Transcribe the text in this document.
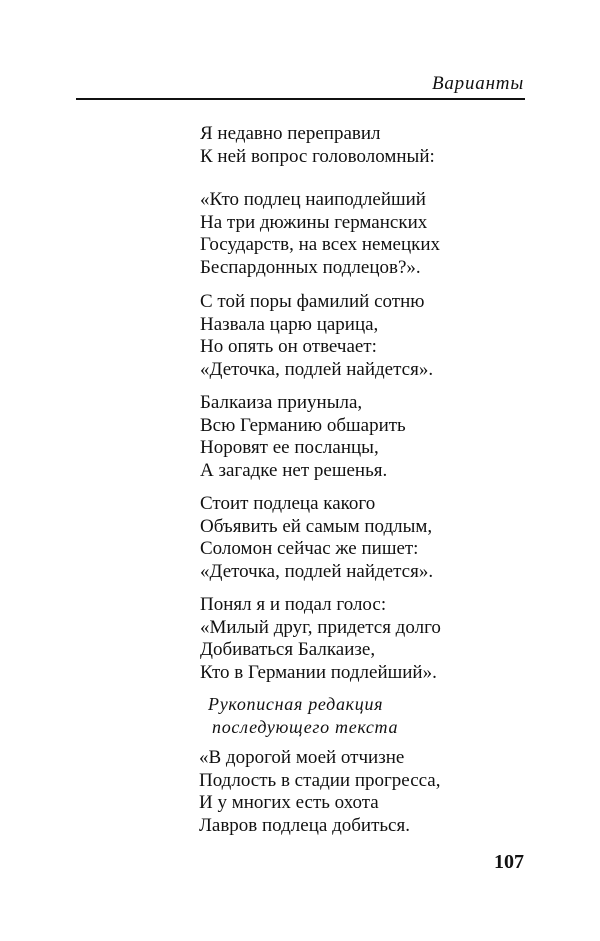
Варианты
Я недавно переправил
К ней вопрос головоломный:
«Кто подлец наиподлейший
На три дюжины германских
Государств, на всех немецких
Беспардонных подлецов?».
С той поры фамилий сотню
Назвала царю царица,
Но опять он отвечает:
«Деточка, подлей найдется».
Балкаиза приуныла,
Всю Германию обшарить
Норовят ее посланцы,
А загадке нет решенья.
Стоит подлеца какого
Объявить ей самым подлым,
Соломон сейчас же пишет:
«Деточка, подлей найдется».
Понял я и подал голос:
«Милый друг, придется долго
Добиваться Балкаизе,
Кто в Германии подлейший».
Рукописная редакция
последующего текста
«В дорогой моей отчизне
Подлость в стадии прогресса,
И у многих есть охота
Лавров подлеца добиться.
107
